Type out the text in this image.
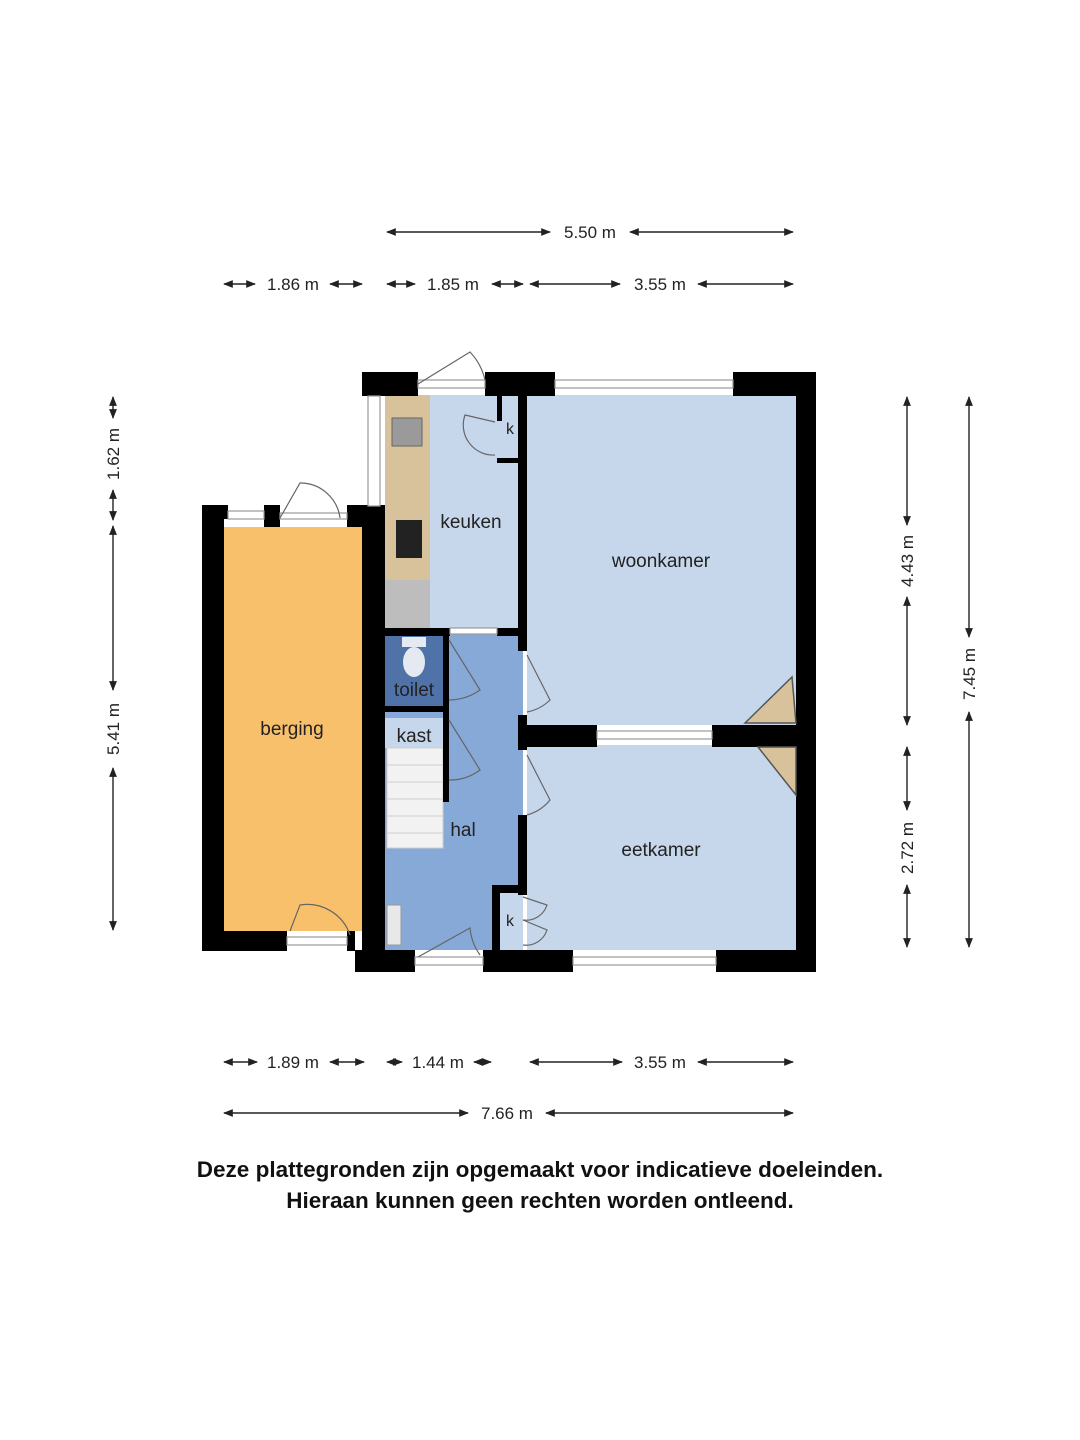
berging
keuken
woonkamer
toilet
kast
hal
eetkamer
k
k
5.50 m
1.86 m	1.85 m	3.55 m
1.89 m	1.44 m	3.55 m
7.66 m
1.62 m
5.41 m
4.43 m
2.72 m
7.45 m
Deze plattegronden zijn opgemaakt voor indicatieve doeleinden.
Hieraan kunnen geen rechten worden ontleend.
